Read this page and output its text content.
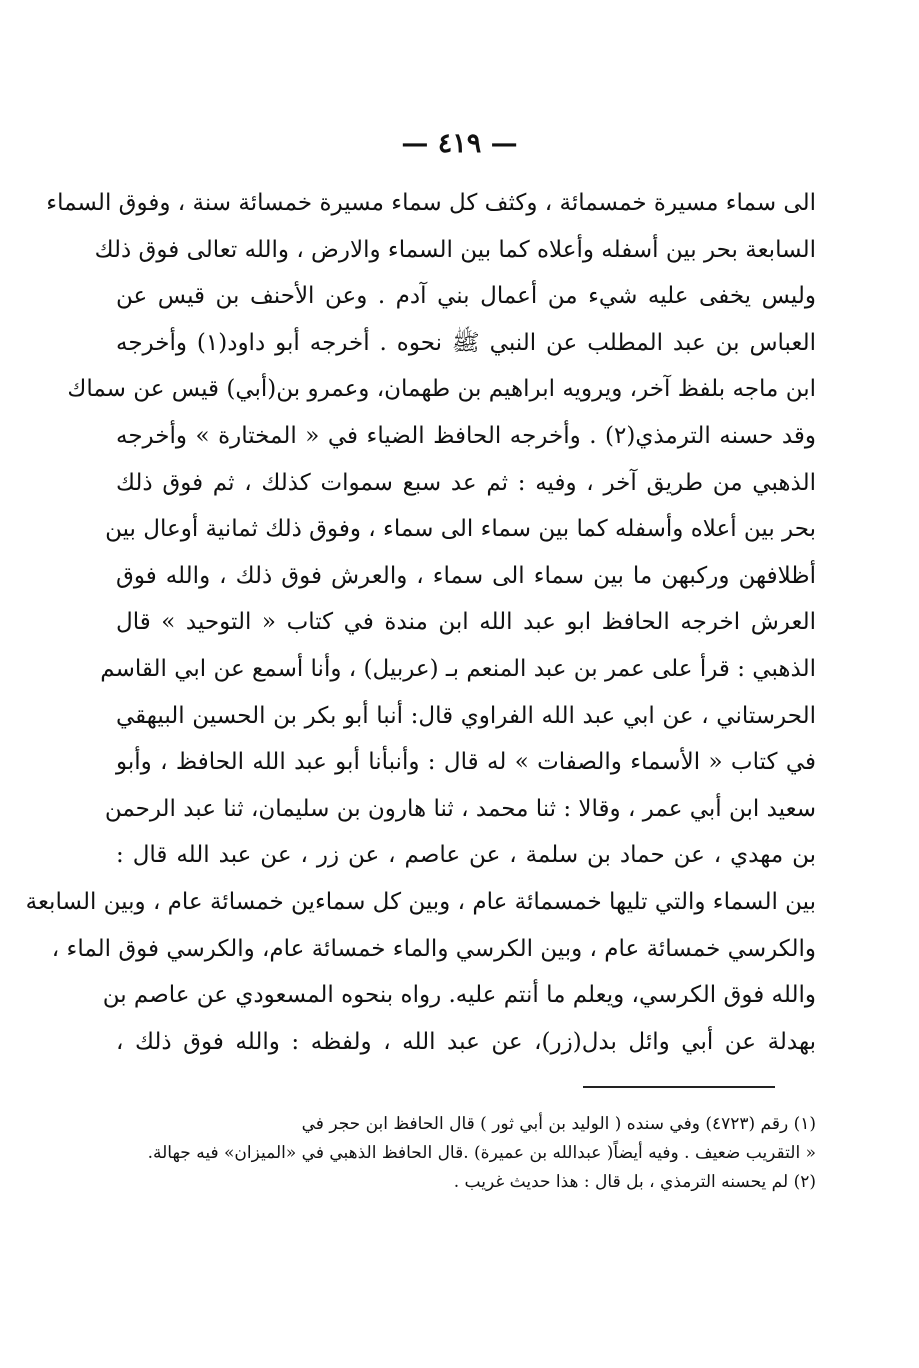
— ٤١٩ —
الى سماء مسيرة خمسمائة ، وكثف كل سماء مسيرة خمسائة سنة ، وفوق السماء
السابعة بحر بين أسفله وأعلاه كما بين السماء والارض ، والله تعالى فوق ذلك
وليس يخفى عليه شيء من أعمال بني آدم . وعن الأحنف بن قيس عن
العباس بن عبد المطلب عن النبي ﷺ نحوه . أخرجه أبو داود(١) وأخرجه
ابن ماجه بلفظ آخر، ويرويه ابراهيم بن طهمان، وعمرو بن(أبي) قيس عن سماك
وقد حسنه الترمذي(٢) . وأخرجه الحافظ الضياء في « المختارة » وأخرجه
الذهبي من طريق آخر ، وفيه : ثم عد سبع سموات كذلك ، ثم فوق ذلك
بحر بين أعلاه وأسفله كما بين سماء الى سماء ، وفوق ذلك ثمانية أوعال بين
أظلافهن وركبهن ما بين سماء الى سماء ، والعرش فوق ذلك ، والله فوق
العرش اخرجه الحافظ ابو عبد الله ابن مندة في كتاب « التوحيد » قال
الذهبي : قرأ على عمر بن عبد المنعم بـ (عربيل) ، وأنا أسمع عن ابي القاسم
الحرستاني ، عن ابي عبد الله الفراوي قال: أنبا أبو بكر بن الحسين البيهقي
في كتاب « الأسماء والصفات » له قال : وأنبأنا أبو عبد الله الحافظ ، وأبو
سعيد ابن أبي عمر ، وقالا : ثنا محمد ، ثنا هارون بن سليمان، ثنا عبد الرحمن
بن مهدي ، عن حماد بن سلمة ، عن عاصم ، عن زر ، عن عبد الله قال :
بين السماء والتي تليها خمسمائة عام ، وبين كل سماءين خمسائة عام ، وبين السابعة
والكرسي خمسائة عام ، وبين الكرسي والماء خمسائة عام، والكرسي فوق الماء ،
والله فوق الكرسي، ويعلم ما أنتم عليه. رواه بنحوه المسعودي عن عاصم بن
بهدلة عن أبي وائل بدل(زر)، عن عبد الله ، ولفظه : والله فوق ذلك ،
(١) رقم (٤٧٢٣) وفي سنده ( الوليد بن أبي ثور ) قال الحافظ ابن حجر في
« التقريب ضعيف . وفيه أيضاً( عبدالله بن عميرة) .قال الحافظ الذهبي في «الميزان» فيه جهالة.
(٢) لم يحسنه الترمذي ، بل قال : هذا حديث غريب .
